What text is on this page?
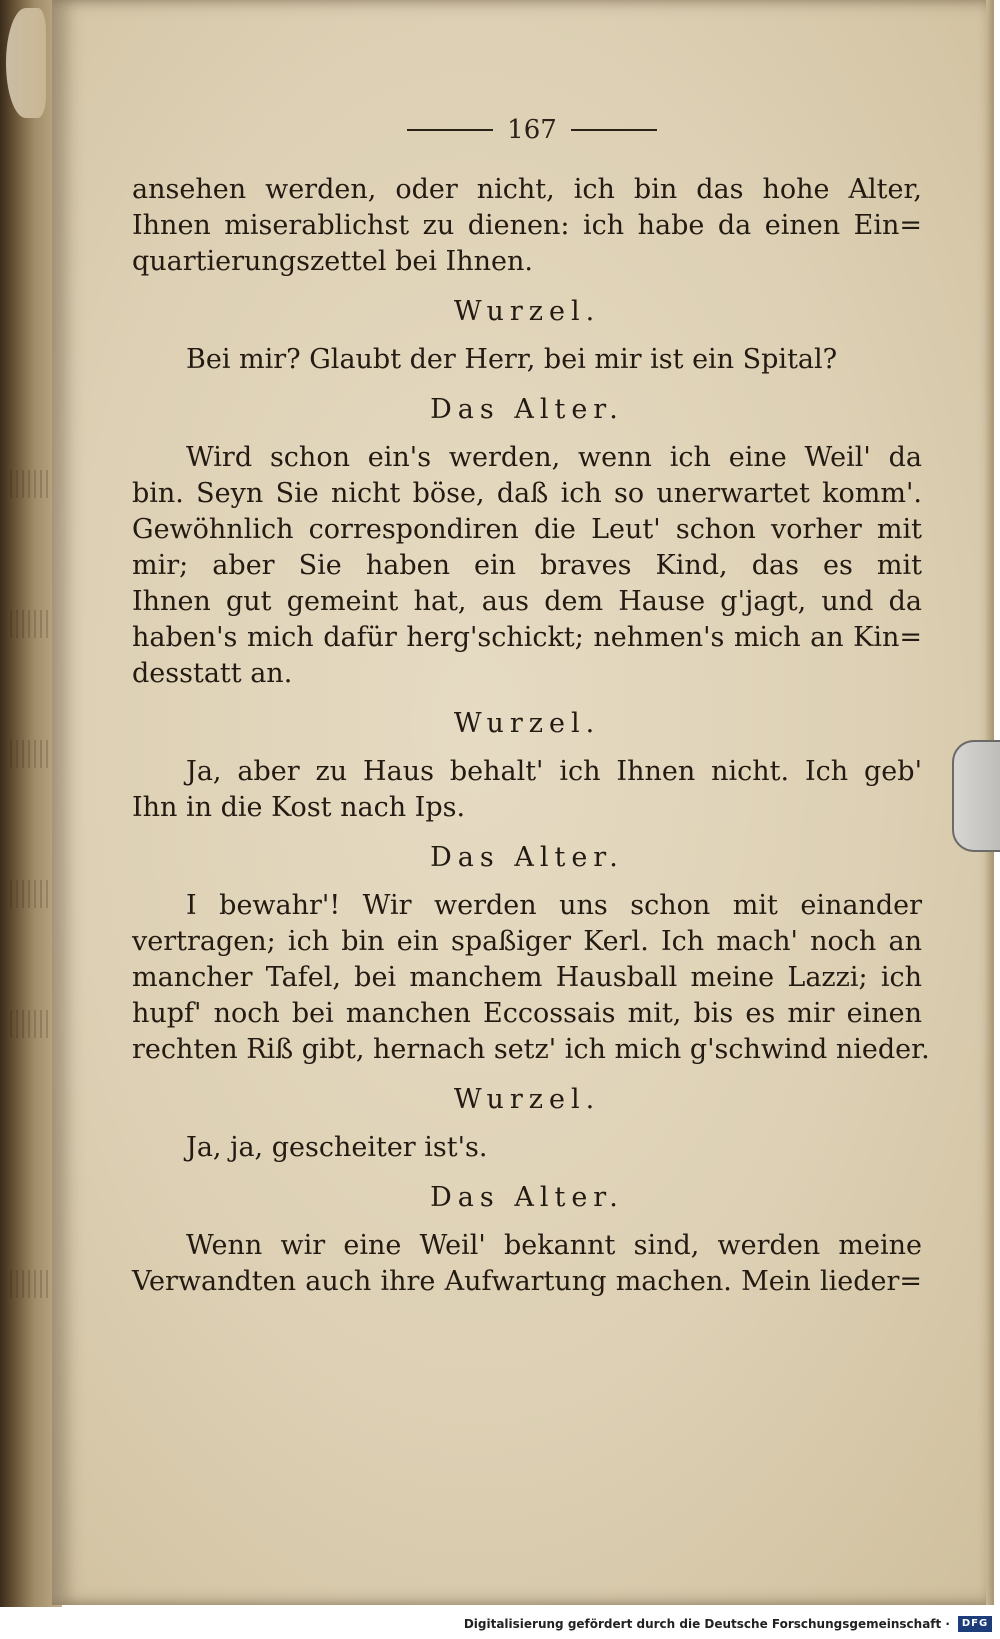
167
ansehen werden, oder nicht, ich bin das hohe Alter,
Ihnen miserablichst zu dienen: ich habe da einen Ein=
quartierungszettel bei Ihnen.
Wurzel.
Bei mir? Glaubt der Herr, bei mir ist ein Spital?
Das Alter.
Wird schon ein's werden, wenn ich eine Weil' da
bin. Seyn Sie nicht böse, daß ich so unerwartet komm'.
Gewöhnlich correspondiren die Leut' schon vorher mit
mir; aber Sie haben ein braves Kind, das es mit
Ihnen gut gemeint hat, aus dem Hause g'jagt, und da
haben's mich dafür herg'schickt; nehmen's mich an Kin=
desstatt an.
Wurzel.
Ja, aber zu Haus behalt' ich Ihnen nicht. Ich geb'
Ihn in die Kost nach Ips.
Das Alter.
I bewahr'! Wir werden uns schon mit einander
vertragen; ich bin ein spaßiger Kerl. Ich mach' noch an
mancher Tafel, bei manchem Hausball meine Lazzi; ich
hupf' noch bei manchen Eccossais mit, bis es mir einen
rechten Riß gibt, hernach setz' ich mich g'schwind nieder.
Wurzel.
Ja, ja, gescheiter ist's.
Das Alter.
Wenn wir eine Weil' bekannt sind, werden meine
Verwandten auch ihre Aufwartung machen. Mein lieder=
Digitalisierung gefördert durch die Deutsche Forschungsgemeinschaft ·	DFG
